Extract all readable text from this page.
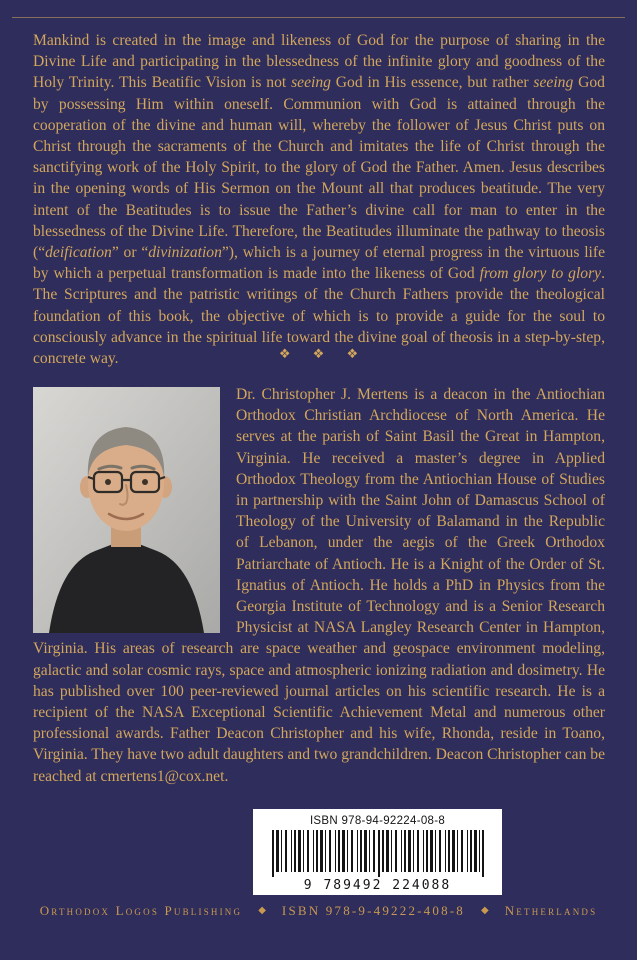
Mankind is created in the image and likeness of God for the purpose of sharing in the Divine Life and participating in the blessedness of the infinite glory and goodness of the Holy Trinity. This Beatific Vision is not seeing God in His essence, but rather seeing God by possessing Him within oneself. Communion with God is attained through the cooperation of the divine and human will, whereby the follower of Jesus Christ puts on Christ through the sacraments of the Church and imitates the life of Christ through the sanctifying work of the Holy Spirit, to the glory of God the Father. Amen. Jesus describes in the opening words of His Sermon on the Mount all that produces beatitude. The very intent of the Beatitudes is to issue the Father’s divine call for man to enter in the blessedness of the Divine Life. Therefore, the Beatitudes illuminate the pathway to theosis (“deification” or “divinization”), which is a journey of eternal progress in the virtuous life by which a perpetual transformation is made into the likeness of God from glory to glory. The Scriptures and the patristic writings of the Church Fathers provide the theological foundation of this book, the objective of which is to provide a guide for the soul to consciously advance in the spiritual life toward the divine goal of theosis in a step-by-step, concrete way.	❖ ❖ ❖

Dr. Christopher J. Mertens is a deacon in the Antiochian Orthodox Christian Archdiocese of North America. He serves at the parish of Saint Basil the Great in Hampton, Virginia. He received a master’s degree in Applied Orthodox Theology from the Antiochian House of Studies in partnership with the Saint John of Damascus School of Theology of the University of Balamand in the Republic of Lebanon, under the aegis of the Greek Orthodox Patriarchate of Antioch. He is a Knight of the Order of St. Ignatius of Antioch. He holds a PhD in Physics from the Georgia Institute of Technology and is a Senior Research Physicist at NASA Langley Research Center in Hampton, Virginia. His areas of research are space weather and geospace environment modeling, galactic and solar cosmic rays, space and atmospheric ionizing radiation and dosimetry. He has published over 100 peer-reviewed journal articles on his scientific research. He is a recipient of the NASA Exceptional Scientific Achievement Metal and numerous other professional awards. Father Deacon Christopher and his wife, Rhonda, reside in Toano, Virginia. They have two adult daughters and two grandchildren. Deacon Christopher can be reached at cmertens1@cox.net.

ISBN 978-94-92224-08-8
9 789492 224088
Orthodox Logos Publishing ◆ ISBN 978-9-49222-408-8 ◆ Netherlands
